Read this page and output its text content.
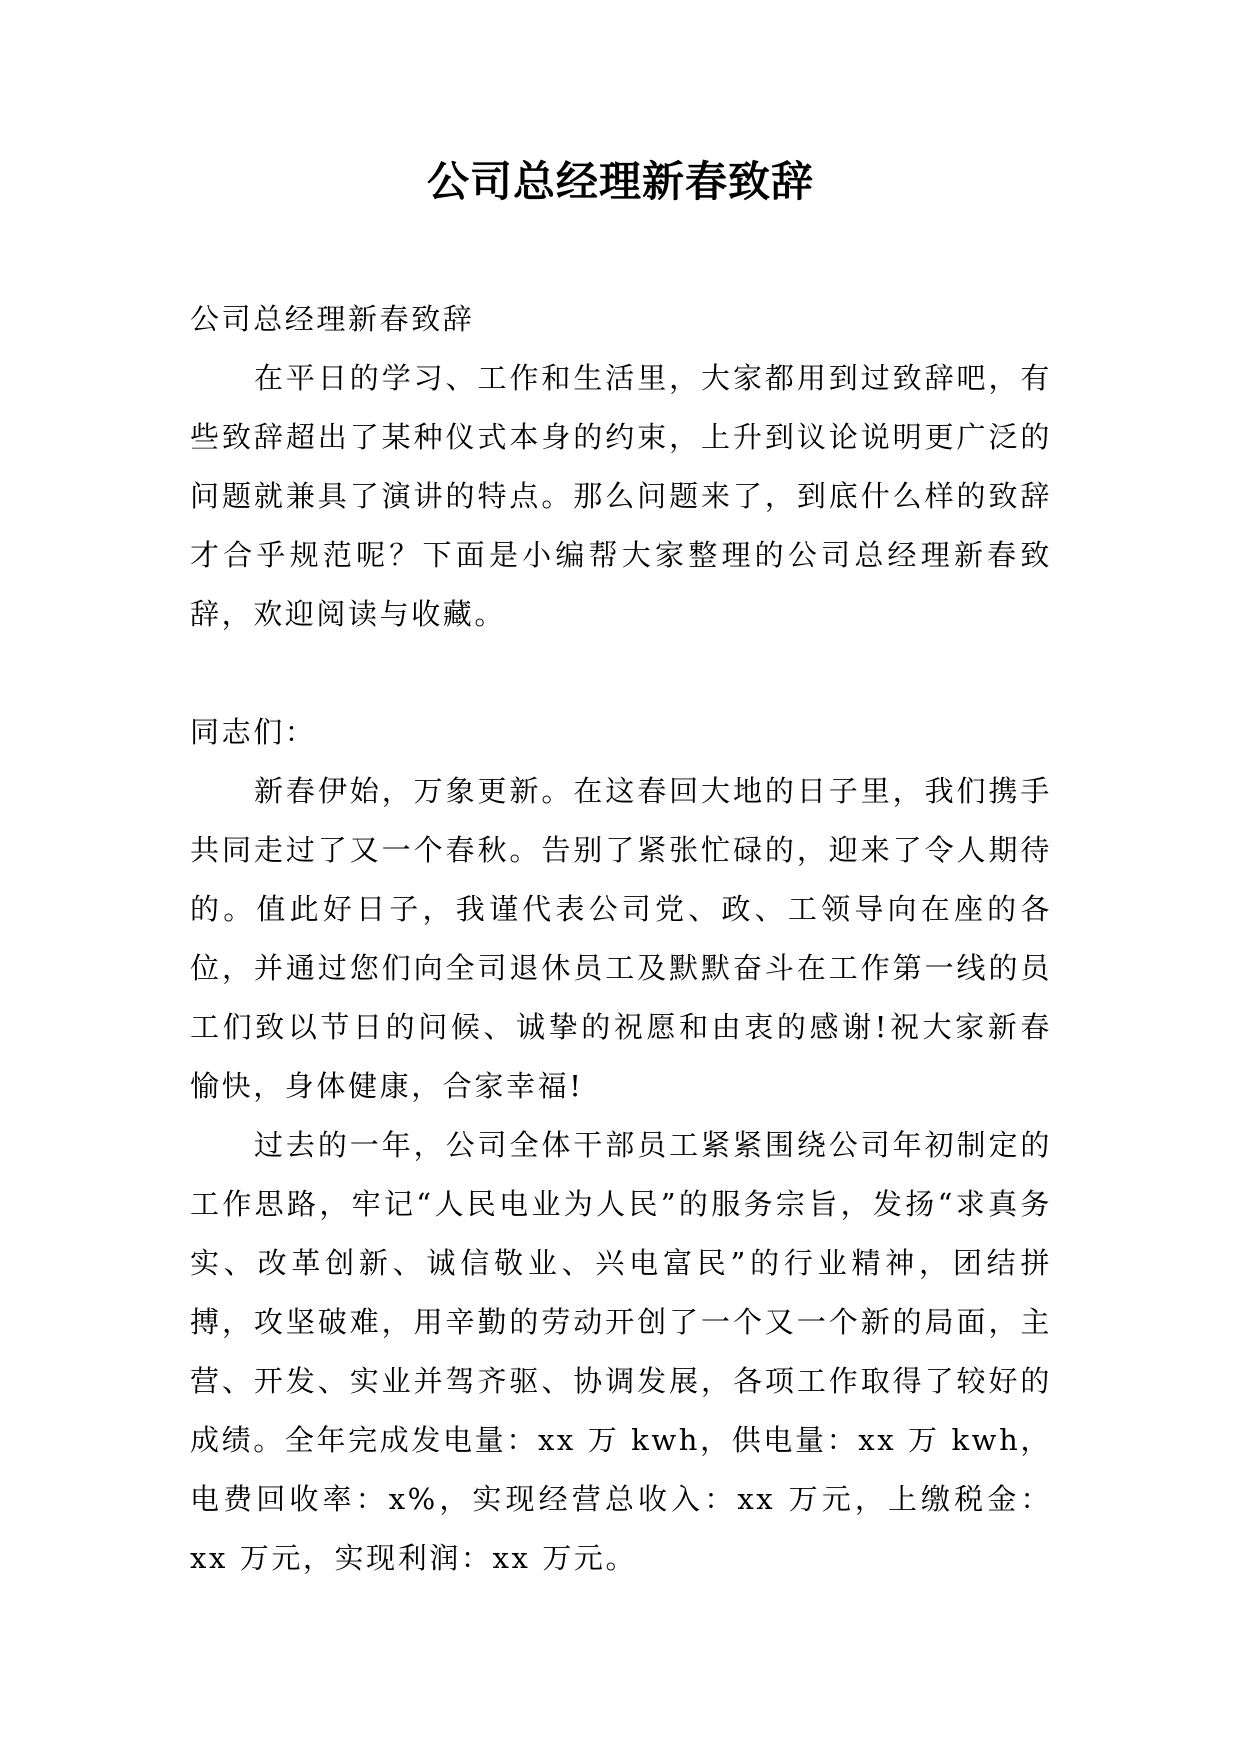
公司总经理新春致辞

公司总经理新春致辞

在平日的学习、工作和生活里，大家都用到过致辞吧，有些致辞超出了某种仪式本身的约束，上升到议论说明更广泛的问题就兼具了演讲的特点。那么问题来了，到底什么样的致辞才合乎规范呢？下面是小编帮大家整理的公司总经理新春致辞，欢迎阅读与收藏。

同志们：

新春伊始，万象更新。在这春回大地的日子里，我们携手共同走过了又一个春秋。告别了紧张忙碌的，迎来了令人期待的。值此好日子，我谨代表公司党、政、工领导向在座的各位，并通过您们向全司退休员工及默默奋斗在工作第一线的员工们致以节日的问候、诚挚的祝愿和由衷的感谢!祝大家新春愉快，身体健康，合家幸福!

过去的一年，公司全体干部员工紧紧围绕公司年初制定的工作思路，牢记“人民电业为人民”的服务宗旨，发扬“求真务实、改革创新、诚信敬业、兴电富民”的行业精神，团结拼搏，攻坚破难，用辛勤的劳动开创了一个又一个新的局面，主营、开发、实业并驾齐驱、协调发展，各项工作取得了较好的成绩。全年完成发电量：xx 万 kwh，供电量：xx 万 kwh，电费回收率：x%，实现经营总收入：xx 万元，上缴税金：xx 万元，实现利润：xx 万元。
